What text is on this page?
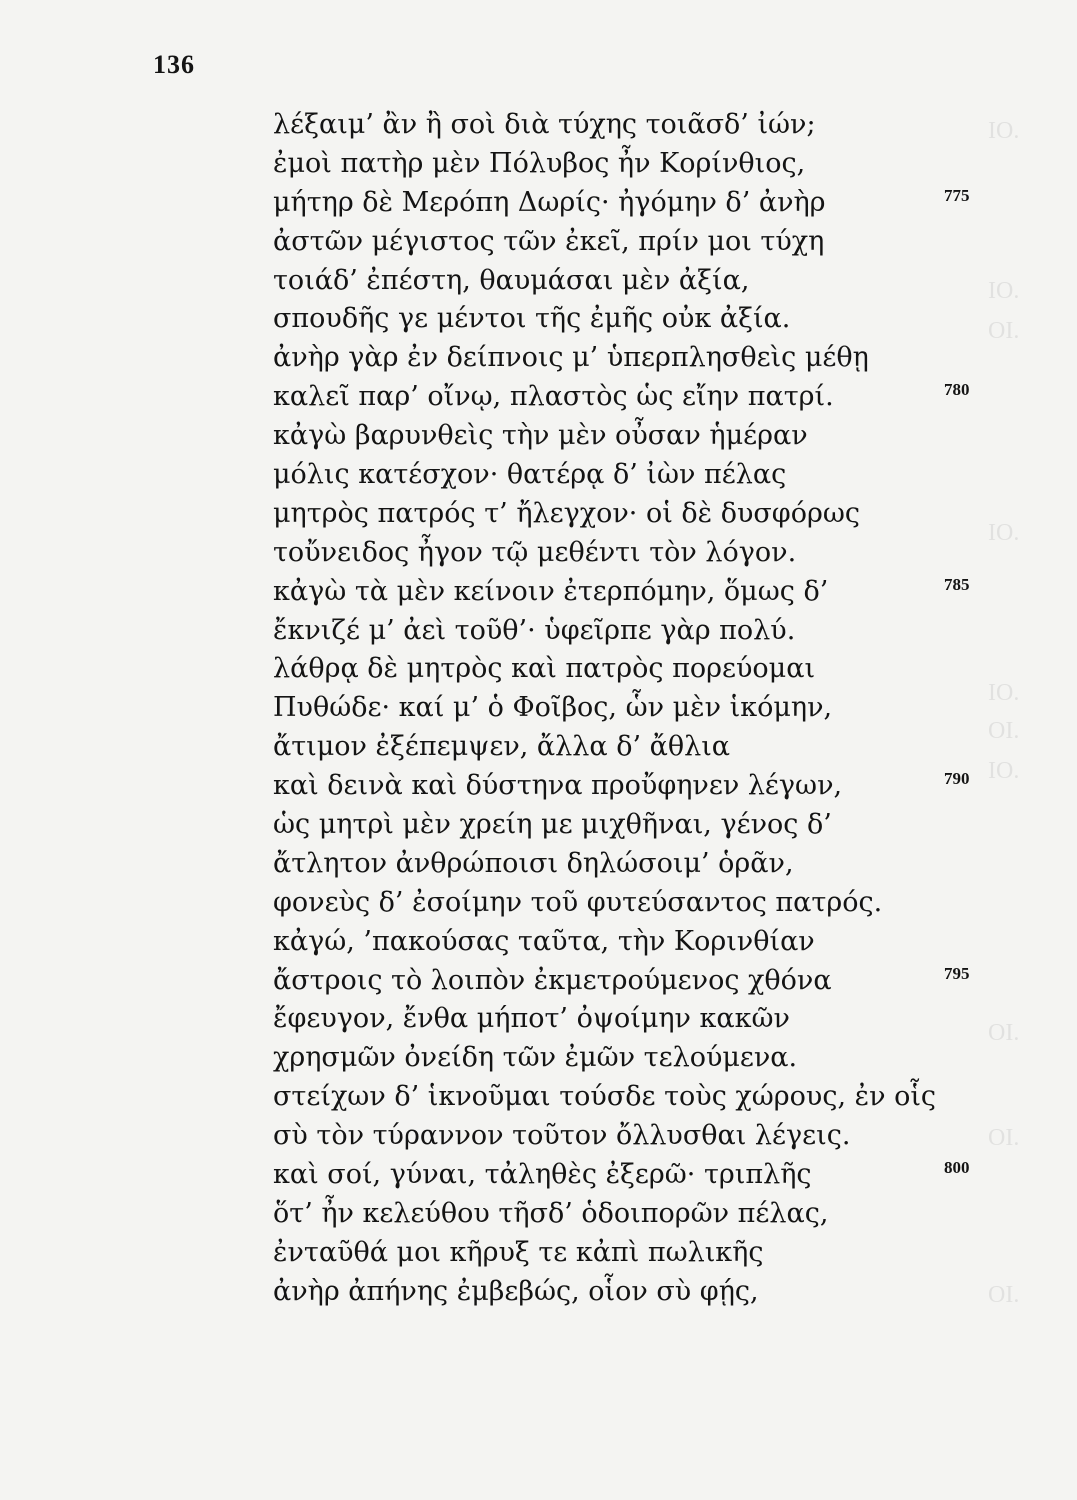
136
λέξαιμ’ ἂν ἢ σοὶ διὰ τύχης τοιᾶσδ’ ἰών;
ἐμοὶ πατὴρ μὲν Πόλυβος ἦν Κορίνθιος,
μήτηρ δὲ Μερόπη Δωρίς· ἠγόμην δ’ ἀνὴρ	775
ἀστῶν μέγιστος τῶν ἐκεῖ, πρίν μοι τύχη
τοιάδ’ ἐπέστη, θαυμάσαι μὲν ἀξία,
σπουδῆς γε μέντοι τῆς ἐμῆς οὐκ ἀξία.
ἀνὴρ γὰρ ἐν δείπνοις μ’ ὑπερπλησθεὶς μέθῃ
καλεῖ παρ’ οἴνῳ, πλαστὸς ὡς εἴην πατρί.	780
κἀγὼ βαρυνθεὶς τὴν μὲν οὖσαν ἡμέραν
μόλις κατέσχον· θατέρᾳ δ’ ἰὼν πέλας
μητρὸς πατρός τ’ ἤλεγχον· οἱ δὲ δυσφόρως
τοὔνειδος ἦγον τῷ μεθέντι τὸν λόγον.
κἀγὼ τὰ μὲν κείνοιν ἐτερπόμην, ὅμως δ’	785
ἔκνιζέ μ’ ἀεὶ τοῦθ’· ὑφεῖρπε γὰρ πολύ.
λάθρᾳ δὲ μητρὸς καὶ πατρὸς πορεύομαι
Πυθώδε· καί μ’ ὁ Φοῖβος, ὧν μὲν ἱκόμην,
ἄτιμον ἐξέπεμψεν, ἄλλα δ’ ἄθλια
καὶ δεινὰ καὶ δύστηνα προὔφηνεν λέγων,	790
ὡς μητρὶ μὲν χρείη με μιχθῆναι, γένος δ’
ἄτλητον ἀνθρώποισι δηλώσοιμ’ ὁρᾶν,
φονεὺς δ’ ἐσοίμην τοῦ φυτεύσαντος πατρός.
κἀγώ, ’πακούσας ταῦτα, τὴν Κορινθίαν
ἄστροις τὸ λοιπὸν ἐκμετρούμενος χθόνα	795
ἔφευγον, ἔνθα μήποτ’ ὀψοίμην κακῶν
χρησμῶν ὀνείδη τῶν ἐμῶν τελούμενα.
στείχων δ’ ἱκνοῦμαι τούσδε τοὺς χώρους, ἐν οἷς
σὺ τὸν τύραννον τοῦτον ὄλλυσθαι λέγεις.
καὶ σοί, γύναι, τἀληθὲς ἐξερῶ· τριπλῆς	800
ὅτ’ ἦν κελεύθου τῆσδ’ ὁδοιπορῶν πέλας,
ἐνταῦθά μοι κῆρυξ τε κἀπὶ πωλικῆς
ἀνὴρ ἀπήνης ἐμβεβώς, οἷον σὺ φῄς,
IO.
IO.
OI.
IO.
IO.
OI.
IO.
OI.
OI.
OI.
